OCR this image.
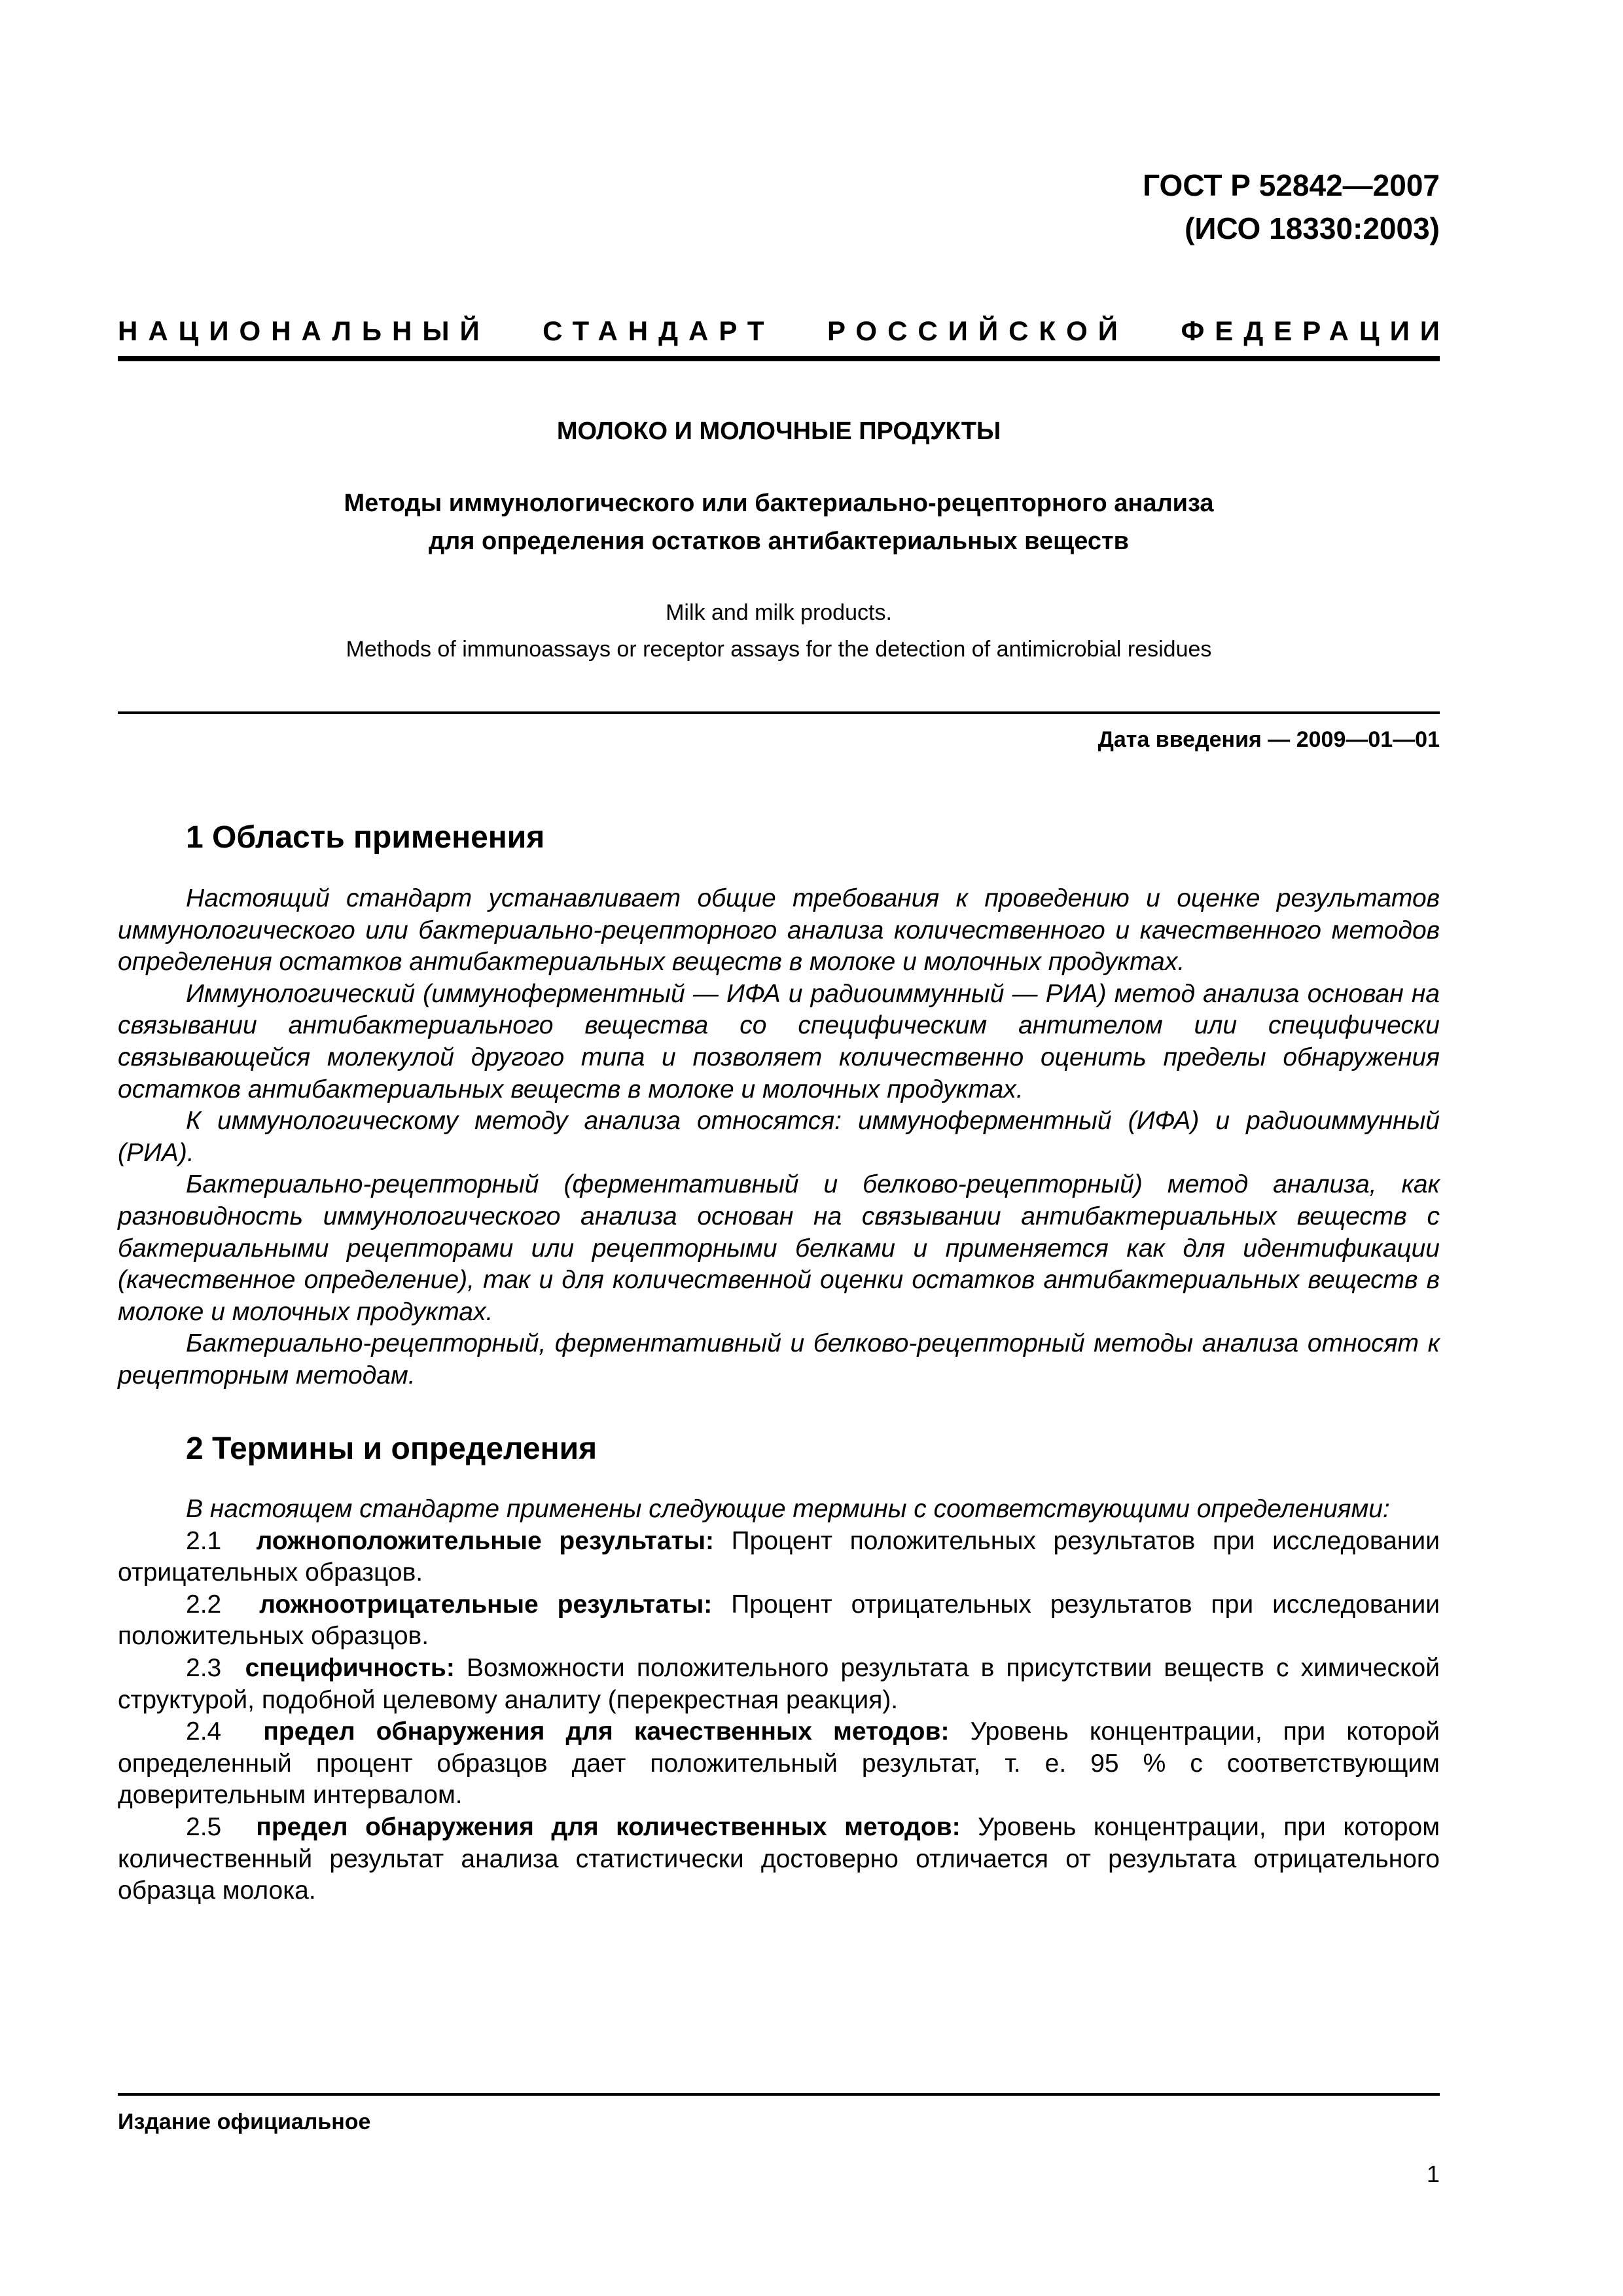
ГОСТ Р 52842—2007
(ИСО 18330:2003)
НАЦИОНАЛЬНЫЙ СТАНДАРТ РОССИЙСКОЙ ФЕДЕРАЦИИ
МОЛОКО И МОЛОЧНЫЕ ПРОДУКТЫ
Методы иммунологического или бактериально-рецепторного анализа
для определения остатков антибактериальных веществ
Milk and milk products.
Methods of immunoassays or receptor assays for the detection of antimicrobial residues
Дата введения — 2009—01—01
1 Область применения

Настоящий стандарт устанавливает общие требования к проведению и оценке результатов иммунологического или бактериально-рецепторного анализа количественного и качественного методов определения остатков антибактериальных веществ в молоке и молочных продуктах.

Иммунологический (иммуноферментный — ИФА и радиоиммунный — РИА) метод анализа основан на связывании антибактериального вещества со специфическим антителом или специфически связывающейся молекулой другого типа и позволяет количественно оценить пределы обнаружения остатков антибактериальных веществ в молоке и молочных продуктах.

К иммунологическому методу анализа относятся: иммуноферментный (ИФА) и радиоиммунный (РИА).

Бактериально-рецепторный (ферментативный и белково-рецепторный) метод анализа, как разновидность иммунологического анализа основан на связывании антибактериальных веществ с бактериальными рецепторами или рецепторными белками и применяется как для идентификации (качественное определение), так и для количественной оценки остатков антибактериальных веществ в молоке и молочных продуктах.

Бактериально-рецепторный, ферментативный и белково-рецепторный методы анализа относят к рецепторным методам.

2 Термины и определения

В настоящем стандарте применены следующие термины с соответствующими определениями:

2.1 ложноположительные результаты: Процент положительных результатов при исследовании отрицательных образцов.

2.2 ложноотрицательные результаты: Процент отрицательных результатов при исследовании положительных образцов.

2.3 специфичность: Возможности положительного результата в присутствии веществ с химической структурой, подобной целевому аналиту (перекрестная реакция).

2.4 предел обнаружения для качественных методов: Уровень концентрации, при которой определенный процент образцов дает положительный результат, т. е. 95 % с соответствующим доверительным интервалом.

2.5 предел обнаружения для количественных методов: Уровень концентрации, при котором количественный результат анализа статистически достоверно отличается от результата отрицательного образца молока.

Издание официальное
1
